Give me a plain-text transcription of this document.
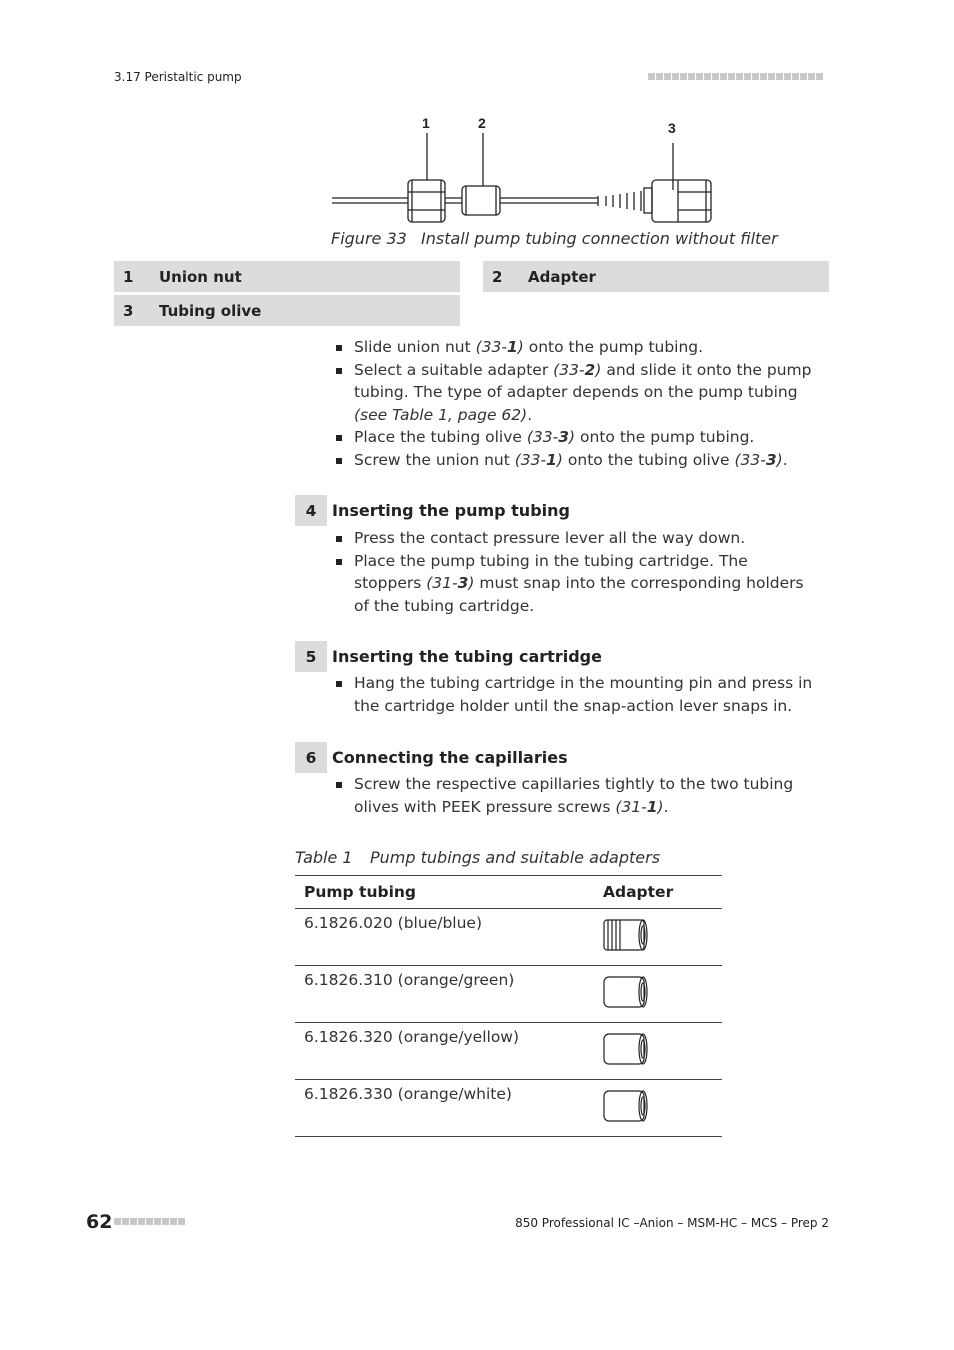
3.17 Peristaltic pump
1	2	3
Figure 33 Install pump tubing connection without filter
1	Union nut	2	Adapter
3	Tubing olive
Slide union nut (33-1) onto the pump tubing.
Select a suitable adapter (33-2) and slide it onto the pump tubing. The type of adapter depends on the pump tubing (see Table 1, page 62).
Place the tubing olive (33-3) onto the pump tubing.
Screw the union nut (33-1) onto the tubing olive (33-3).
4 Inserting the pump tubing
Press the contact pressure lever all the way down.
Place the pump tubing in the tubing cartridge. The stoppers (31-3) must snap into the corresponding holders of the tubing cartridge.
5 Inserting the tubing cartridge
Hang the tubing cartridge in the mounting pin and press in the cartridge holder until the snap-action lever snaps in.
6 Connecting the capillaries
Screw the respective capillaries tightly to the two tubing olives with PEEK pressure screws (31-1).
Table 1 Pump tubings and suitable adapters
Pump tubing	Adapter
6.1826.020 (blue/blue)	
6.1826.310 (orange/green)	
6.1826.320 (orange/yellow)	
6.1826.330 (orange/white)	
62	850 Professional IC –Anion – MSM-HC – MCS – Prep 2
